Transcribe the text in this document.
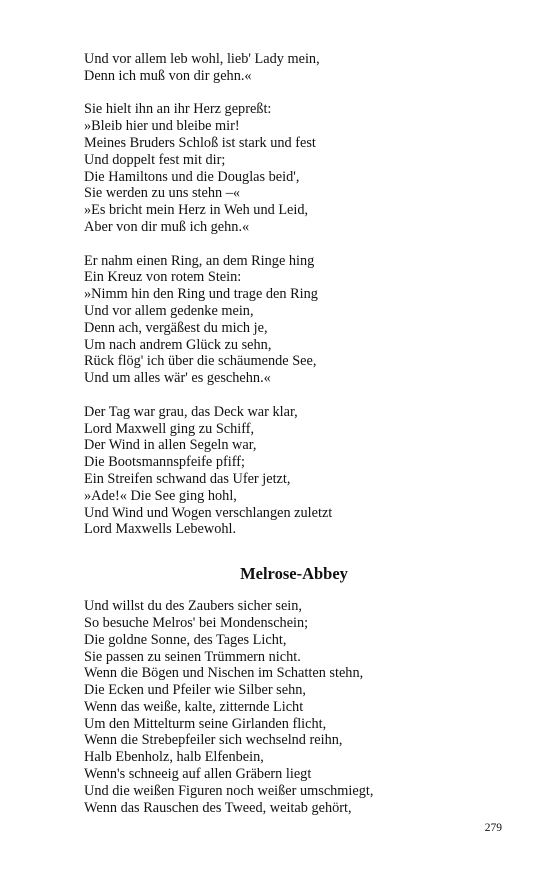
Und vor allem leb wohl, lieb' Lady mein,
Denn ich muß von dir gehn.«
Sie hielt ihn an ihr Herz gepreßt:
»Bleib hier und bleibe mir!
Meines Bruders Schloß ist stark und fest
Und doppelt fest mit dir;
Die Hamiltons und die Douglas beid',
Sie werden zu uns stehn –«
»Es bricht mein Herz in Weh und Leid,
Aber von dir muß ich gehn.«
Er nahm einen Ring, an dem Ringe hing
Ein Kreuz von rotem Stein:
»Nimm hin den Ring und trage den Ring
Und vor allem gedenke mein,
Denn ach, vergäßest du mich je,
Um nach andrem Glück zu sehn,
Rück flög' ich über die schäumende See,
Und um alles wär' es geschehn.«
Der Tag war grau, das Deck war klar,
Lord Maxwell ging zu Schiff,
Der Wind in allen Segeln war,
Die Bootsmannspfeife pfiff;
Ein Streifen schwand das Ufer jetzt,
»Ade!« Die See ging hohl,
Und Wind und Wogen verschlangen zuletzt
Lord Maxwells Lebewohl.
Melrose-Abbey
Und willst du des Zaubers sicher sein,
So besuche Melros' bei Mondenschein;
Die goldne Sonne, des Tages Licht,
Sie passen zu seinen Trümmern nicht.
Wenn die Bögen und Nischen im Schatten stehn,
Die Ecken und Pfeiler wie Silber sehn,
Wenn das weiße, kalte, zitternde Licht
Um den Mittelturm seine Girlanden flicht,
Wenn die Strebepfeiler sich wechselnd reihn,
Halb Ebenholz, halb Elfenbein,
Wenn's schneeig auf allen Gräbern liegt
Und die weißen Figuren noch weißer umschmiegt,
Wenn das Rauschen des Tweed, weitab gehört,
279
